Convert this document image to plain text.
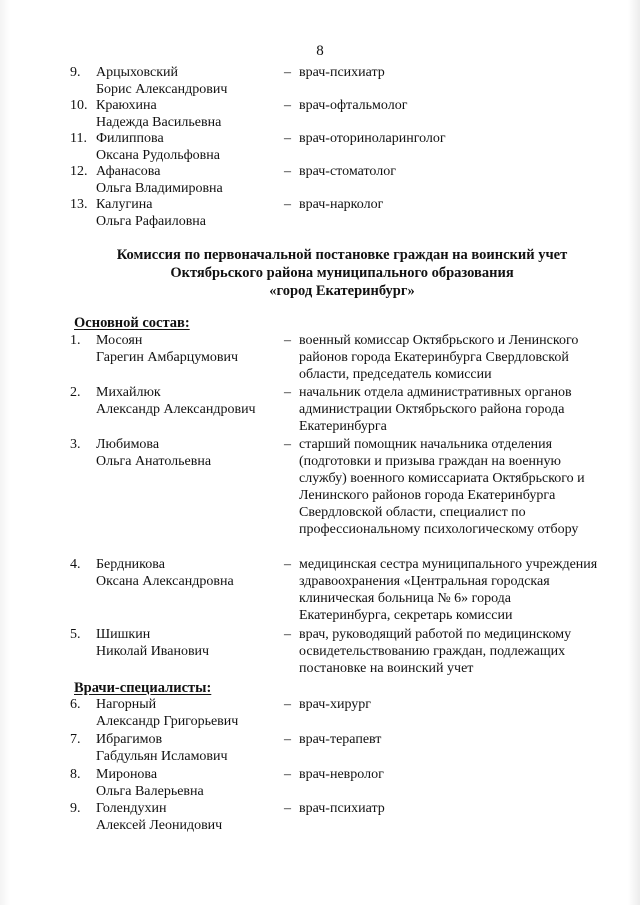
8
9.	Арцыховский
Борис Александрович
– врач-психиатр
10. Краюхина
Надежда Васильевна
– врач-офтальмолог
11. Филиппова
Оксана Рудольфовна
– врач-оториноларинголог
12. Афанасова
Ольга Владимировна
– врач-стоматолог
13. Калугина
Ольга Рафаиловна
– врач-нарколог
Комиссия по первоначальной постановке граждан на воинский учет
Октябрьского района муниципального образования
«город Екатеринбург»
Основной состав:
1.	Мосоян
Гарегин Амбарцумович
– военный комиссар Октябрьского и Ленинского районов города Екатеринбурга Свердловской области, председатель комиссии
2.	Михайлюк
Александр Александрович
– начальник отдела административных органов администрации Октябрьского района города Екатеринбурга
3.	Любимова
Ольга Анатольевна
– старший помощник начальника отделения (подготовки и призыва граждан на военную службу) военного комиссариата Октябрьского и Ленинского районов города Екатеринбурга Свердловской области, специалист по профессиональному психологическому отбору
4.	Бердникова
Оксана Александровна
– медицинская сестра муниципального учреждения здравоохранения «Центральная городская клиническая больница № 6» города Екатеринбурга, секретарь комиссии
5.	Шишкин
Николай Иванович
– врач, руководящий работой по медицинскому освидетельствованию граждан, подлежащих постановке на воинский учет
Врачи-специалисты:
6.	Нагорный
Александр Григорьевич
– врач-хирург
7.	Ибрагимов
Габдульян Исламович
– врач-терапевт
8.	Миронова
Ольга Валерьевна
– врач-невролог
9.	Голендухин
Алексей Леонидович
– врач-психиатр
